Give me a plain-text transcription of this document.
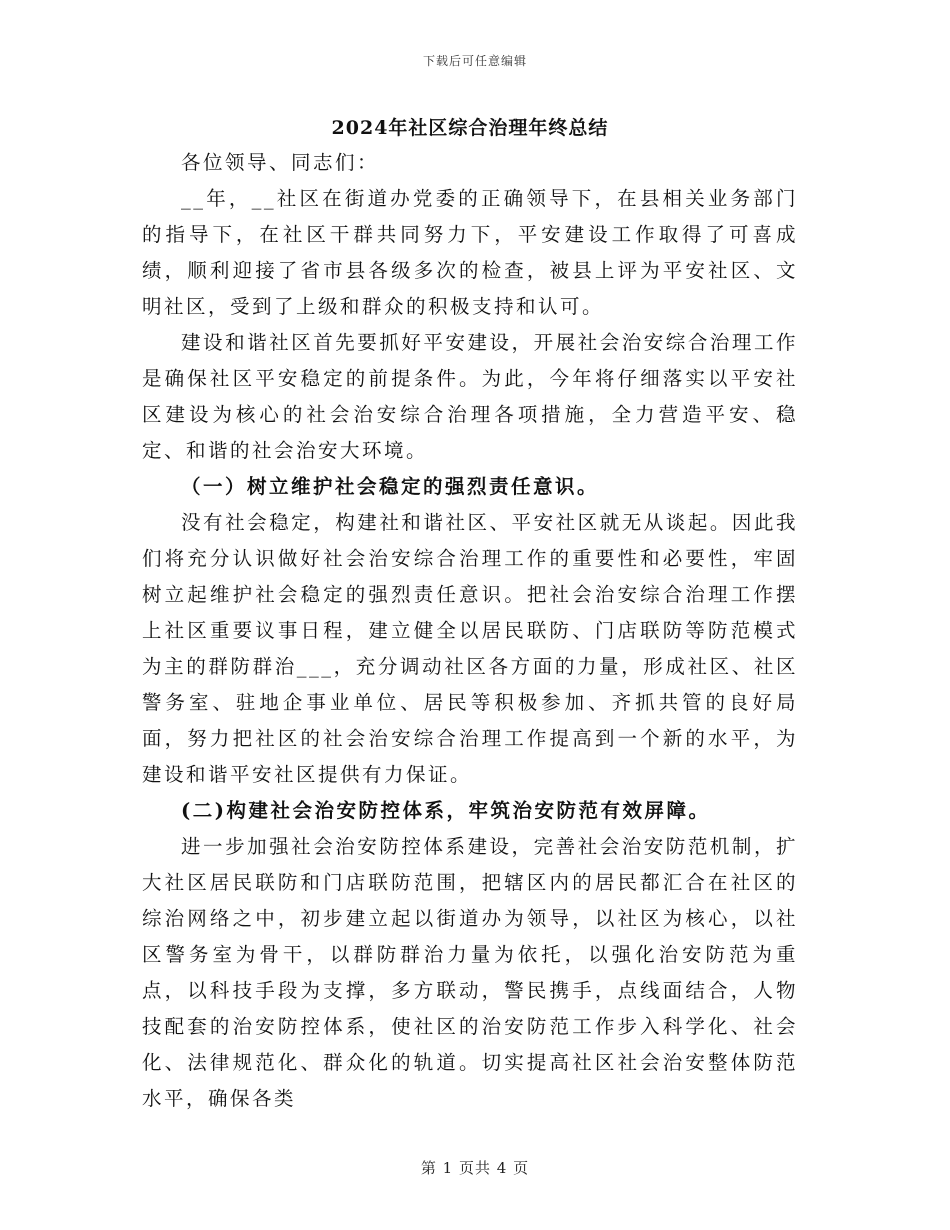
下载后可任意编辑
2024年社区综合治理年终总结

各位领导、同志们：

__年，__社区在街道办党委的正确领导下，在县相关业务部门的指导下，在社区干群共同努力下，平安建设工作取得了可喜成绩，顺利迎接了省市县各级多次的检查，被县上评为平安社区、文明社区，受到了上级和群众的积极支持和认可。

建设和谐社区首先要抓好平安建设，开展社会治安综合治理工作是确保社区平安稳定的前提条件。为此，今年将仔细落实以平安社区建设为核心的社会治安综合治理各项措施，全力营造平安、稳定、和谐的社会治安大环境。

（一）树立维护社会稳定的强烈责任意识。

没有社会稳定，构建社和谐社区、平安社区就无从谈起。因此我们将充分认识做好社会治安综合治理工作的重要性和必要性，牢固树立起维护社会稳定的强烈责任意识。把社会治安综合治理工作摆上社区重要议事日程，建立健全以居民联防、门店联防等防范模式为主的群防群治___，充分调动社区各方面的力量，形成社区、社区警务室、驻地企事业单位、居民等积极参加、齐抓共管的良好局面，努力把社区的社会治安综合治理工作提高到一个新的水平，为建设和谐平安社区提供有力保证。

(二)构建社会治安防控体系，牢筑治安防范有效屏障。

进一步加强社会治安防控体系建设，完善社会治安防范机制，扩大社区居民联防和门店联防范围，把辖区内的居民都汇合在社区的综治网络之中，初步建立起以街道办为领导，以社区为核心，以社区警务室为骨干，以群防群治力量为依托，以强化治安防范为重点，以科技手段为支撑，多方联动，警民携手，点线面结合，人物技配套的治安防控体系，使社区的治安防范工作步入科学化、社会化、法律规范化、群众化的轨道。切实提高社区社会治安整体防范水平，确保各类

第 1 页共 4 页
